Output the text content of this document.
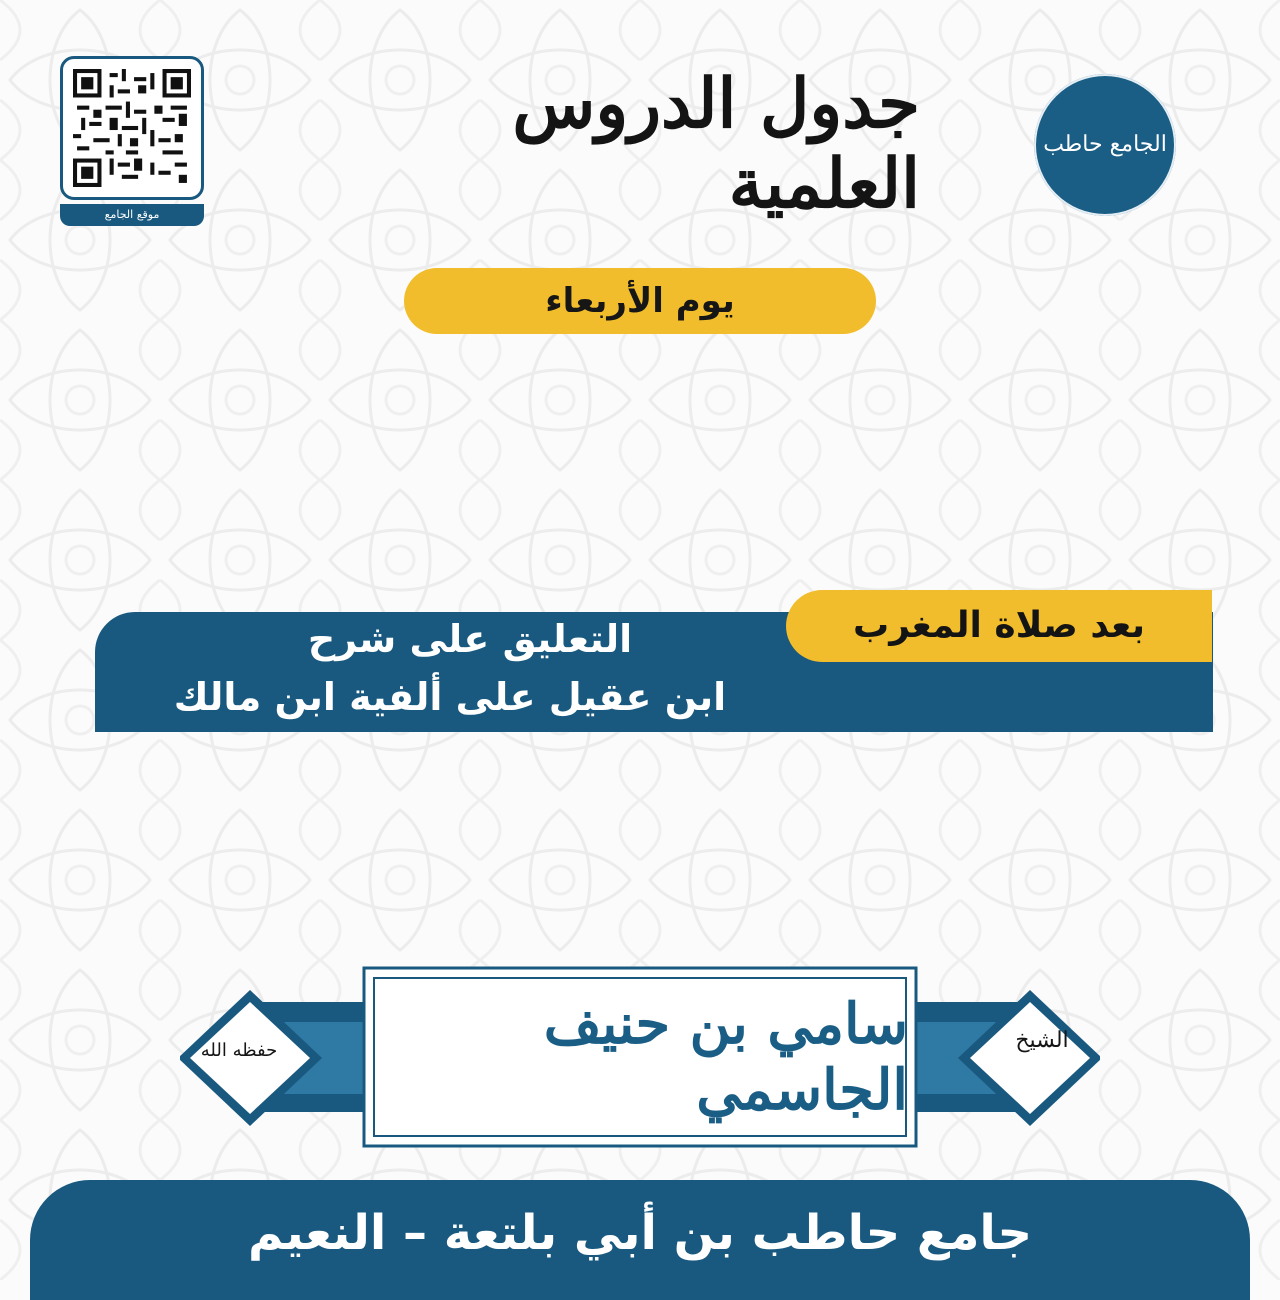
موقع الجامع
جدول الدروس العلمية	الجامع حاطب
يوم الأربعاء
بعد صلاة المغرب
التعليق على شرح
ابن عقيل على ألفية ابن مالك
سامي بن حنيف الجاسمي
الشيخ
حفظه الله
جامع حاطب بن أبي بلتعة – النعيم
